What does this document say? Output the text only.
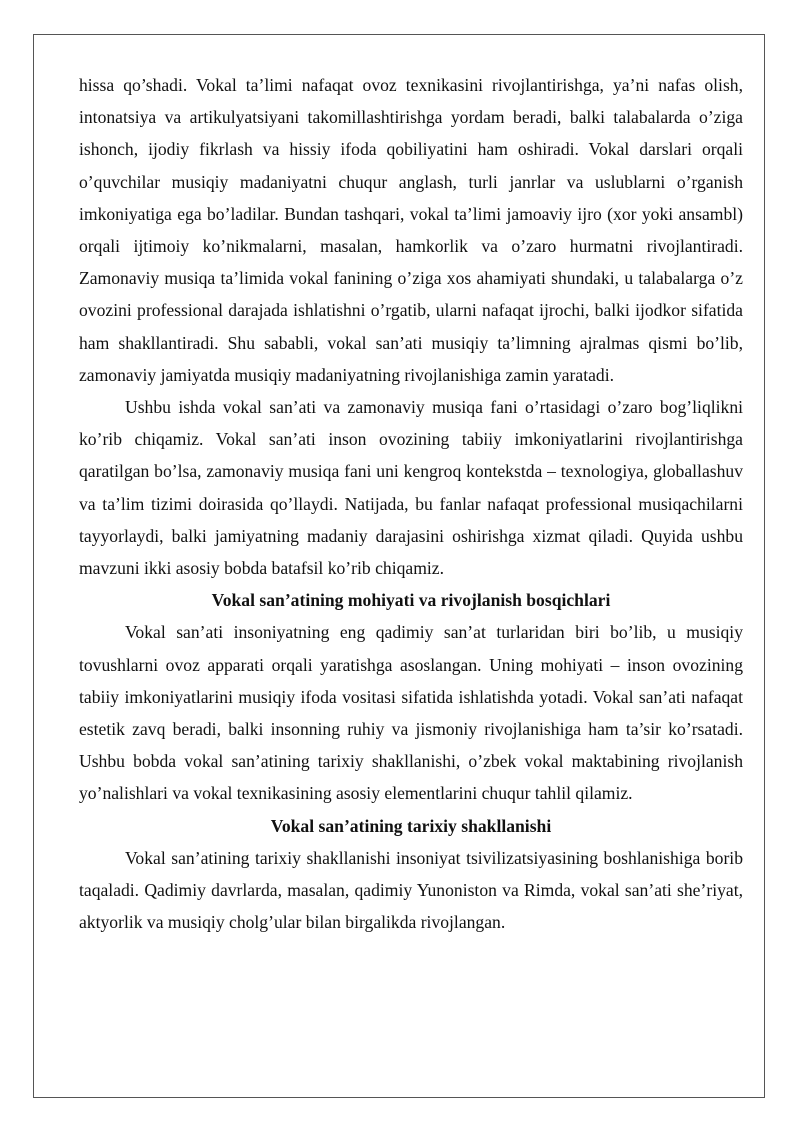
hissa qo’shadi. Vokal ta’limi nafaqat ovoz texnikasini rivojlantirishga, ya’ni nafas olish, intonatsiya va artikulyatsiyani takomillashtirishga yordam beradi, balki talabalarda o’ziga ishonch, ijodiy fikrlash va hissiy ifoda qobiliyatini ham oshiradi. Vokal darslari orqali o’quvchilar musiqiy madaniyatni chuqur anglash, turli janrlar va uslublarni o’rganish imkoniyatiga ega bo’ladilar. Bundan tashqari, vokal ta’limi jamoaviy ijro (xor yoki ansambl) orqali ijtimoiy ko’nikmalarni, masalan, hamkorlik va o’zaro hurmatni rivojlantiradi. Zamonaviy musiqa ta’limida vokal fanining o’ziga xos ahamiyati shundaki, u talabalarga o’z ovozini professional darajada ishlatishni o’rgatib, ularni nafaqat ijrochi, balki ijodkor sifatida ham shakllantiradi. Shu sababli, vokal san’ati musiqiy ta’limning ajralmas qismi bo’lib, zamonaviy jamiyatda musiqiy madaniyatning rivojlanishiga zamin yaratadi.

Ushbu ishda vokal san’ati va zamonaviy musiqa fani o’rtasidagi o’zaro bog’liqlikni ko’rib chiqamiz. Vokal san’ati inson ovozining tabiiy imkoniyatlarini rivojlantirishga qaratilgan bo’lsa, zamonaviy musiqa fani uni kengroq kontekstda – texnologiya, globallashuv va ta’lim tizimi doirasida qo’llaydi. Natijada, bu fanlar nafaqat professional musiqachilarni tayyorlaydi, balki jamiyatning madaniy darajasini oshirishga xizmat qiladi. Quyida ushbu mavzuni ikki asosiy bobda batafsil ko’rib chiqamiz.

Vokal san’atining mohiyati va rivojlanish bosqichlari

Vokal san’ati insoniyatning eng qadimiy san’at turlaridan biri bo’lib, u musiqiy tovushlarni ovoz apparati orqali yaratishga asoslangan. Uning mohiyati – inson ovozining tabiiy imkoniyatlarini musiqiy ifoda vositasi sifatida ishlatishda yotadi. Vokal san’ati nafaqat estetik zavq beradi, balki insonning ruhiy va jismoniy rivojlanishiga ham ta’sir ko’rsatadi. Ushbu bobda vokal san’atining tarixiy shakllanishi, o’zbek vokal maktabining rivojlanish yo’nalishlari va vokal texnikasining asosiy elementlarini chuqur tahlil qilamiz.

Vokal san’atining tarixiy shakllanishi

Vokal san’atining tarixiy shakllanishi insoniyat tsivilizatsiyasining boshlanishiga borib taqaladi. Qadimiy davrlarda, masalan, qadimiy Yunoniston va Rimda, vokal san’ati she’riyat, aktyorlik va musiqiy cholg’ular bilan birgalikda rivojlangan.
